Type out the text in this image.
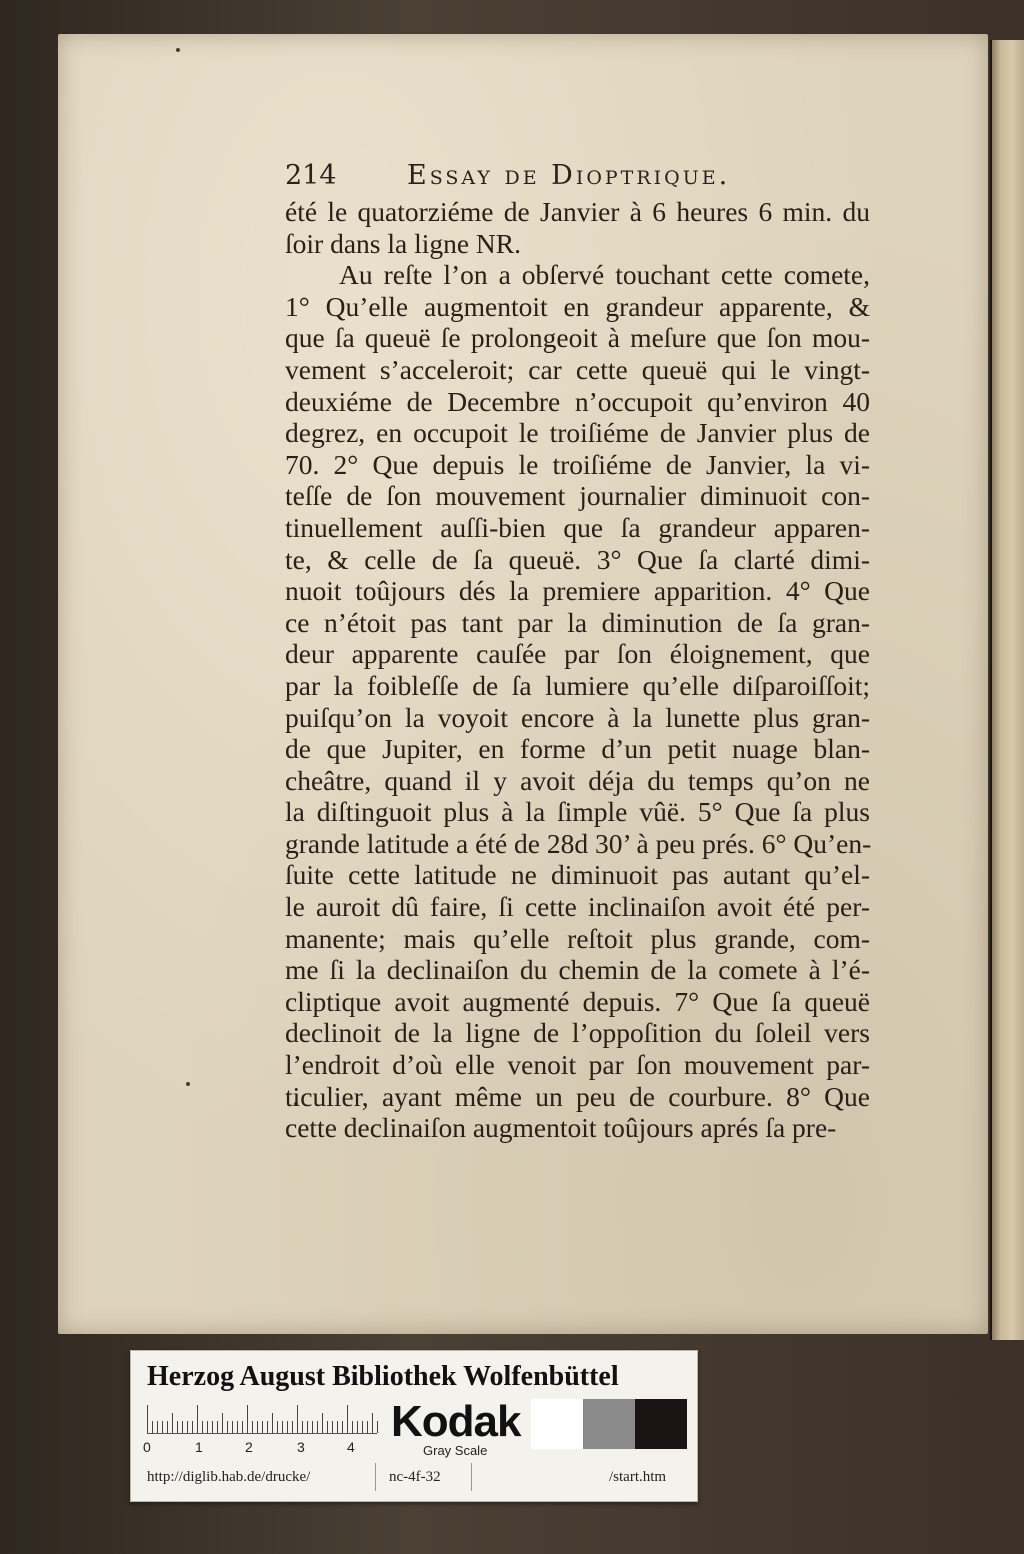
214	Essay de Dioptrique.
été le quatorziéme de Janvier à 6 heures 6 min. du
ſoir dans la ligne NR.
Au reſte l’on a obſervé touchant cette comete,
1° Qu’elle augmentoit en grandeur apparente, &
que ſa queuë ſe prolongeoit à meſure que ſon mou-
vement s’acceleroit; car cette queuë qui le vingt-
deuxiéme de Decembre n’occupoit qu’environ 40
degrez, en occupoit le troiſiéme de Janvier plus de
70. 2° Que depuis le troiſiéme de Janvier, la vi-
teſſe de ſon mouvement journalier diminuoit con-
tinuellement auſſi-bien que ſa grandeur apparen-
te, & celle de ſa queuë. 3° Que ſa clarté dimi-
nuoit toûjours dés la premiere apparition. 4° Que
ce n’étoit pas tant par la diminution de ſa gran-
deur apparente cauſée par ſon éloignement, que
par la foibleſſe de ſa lumiere qu’elle diſparoiſſoit;
puiſqu’on la voyoit encore à la lunette plus gran-
de que Jupiter, en forme d’un petit nuage blan-
cheâtre, quand il y avoit déja du temps qu’on ne
la diſtinguoit plus à la ſimple vûë. 5° Que ſa plus
grande latitude a été de 28d 30’ à peu prés. 6° Qu’en-
ſuite cette latitude ne diminuoit pas autant qu’el-
le auroit dû faire, ſi cette inclinaiſon avoit été per-
manente; mais qu’elle reſtoit plus grande, com-
me ſi la declinaiſon du chemin de la comete à l’é-
cliptique avoit augmenté depuis. 7° Que ſa queuë
declinoit de la ligne de l’oppoſition du ſoleil vers
l’endroit d’où elle venoit par ſon mouvement par-
ticulier, ayant même un peu de courbure. 8° Que
cette declinaiſon augmentoit toûjours aprés ſa pre-
Herzog August Bibliothek Wolfenbüttel
0	1	2	3	4
Kodak
Gray Scale
http://diglib.hab.de/drucke/	nc-4f-32	/start.htm
